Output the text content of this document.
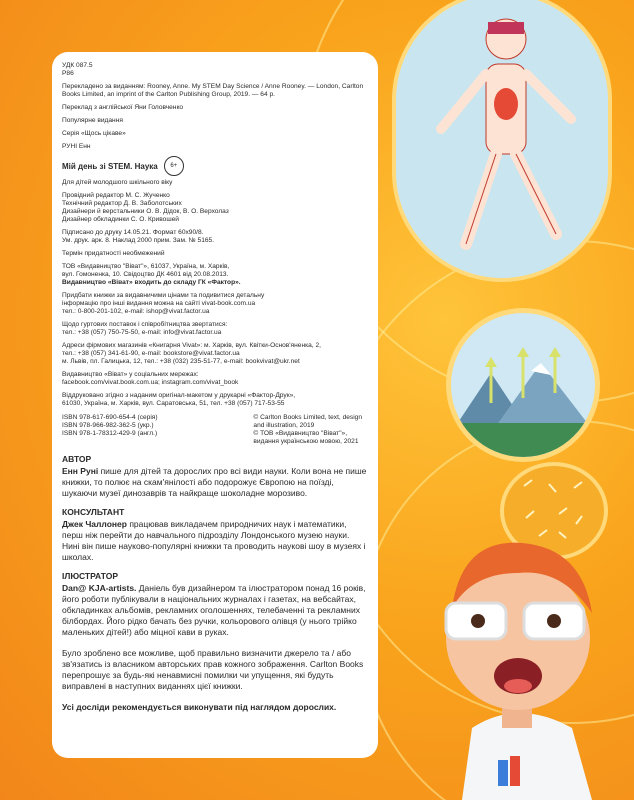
УДК 087.5

Р86

Перекладено за виданням: Rooney, Anne. My STEM Day Science / Anne Rooney. — London, Carlton Books Limited, an imprint of the Carlton Publishing Group, 2019. — 64 p.

Переклад з англійської Яни Головченко

Популярне видання

Серія «Щось цікаве»

РУНІ Енн

Мій день зі STEM. Наука	6+

Для дітей молодшого шкільного віку

Провідний редактор М. С. Жученко

Технічний редактор Д. В. Заболотських

Дизайнери й верстальники О. В. Дідок, В. О. Верхолаз

Дизайнер обкладинки С. О. Кривошей

Підписано до друку 14.05.21. Формат 60х90/8.

Ум. друк. арк. 8. Наклад 2000 прим. Зам. № 5165.

Термін придатності необмежений

ТОВ «Видавництво "Віват"», 61037, Україна, м. Харків,

вул. Гомоненка, 10. Свідоцтво ДК 4601 від 20.08.2013.

Видавництво «Віват» входить до складу ГК «Фактор».

Придбати книжки за видавничими цінами та подивитися детальну

інформацію про інші видання можна на сайті vivat-book.com.ua

тел.: 0-800-201-102, e-mail: ishop@vivat.factor.ua

Щодо гуртових поставок і співробітництва звертатися:

тел.: +38 (057) 750-75-50, e-mail: info@vivat.factor.ua

Адреси фірмових магазинів «Книгарня Vivat»: м. Харків, вул. Квітки-Основ'яненка, 2,

тел.: +38 (057) 341-61-90, e-mail: bookstore@vivat.factor.ua

м. Львів, пл. Галицька, 12, тел.: +38 (032) 235-51-77, e-mail: bookvivat@ukr.net

Видавництво «Віват» у соціальних мережах:

facebook.com/vivat.book.com.ua; instagram.com/vivat_book

Віддруковано згідно з наданим оригінал-макетом у друкарні «Фактор-Друк»,

61030, Україна, м. Харків, вул. Саратовська, 51, тел. +38 (057) 717-53-55

ISBN 978-617-690-654-4 (серія)

ISBN 978-966-982-362-5 (укр.)

ISBN 978-1-78312-429-9 (англ.)

© Carlton Books Limited, text, design

and illustration, 2019

© ТОВ «Видавництво "Віват"»,

видання українською мовою, 2021

АВТОР

Енн Руні пише для дітей та дорослих про всі види науки. Коли вона не пише книжки, то полює на скам'янілості або подорожує Європою на поїзді, шукаючи музеї динозаврів та найкраще шоколадне морозиво.

КОНСУЛЬТАНТ

Джек Чаллонер працював викладачем природничих наук і математики, перш ніж перейти до навчального підрозділу Лондонського музею науки. Нині він пише науково-популярні книжки та проводить наукові шоу в музеях і школах.

ІЛЮСТРАТОР

Dan@ KJA-artists. Даніель був дизайнером та ілюстратором понад 16 років, його роботи публікували в національних журналах і газетах, на вебсайтах, обкладинках альбомів, рекламних оголошеннях, телебаченні та рекламних білбордах. Його рідко бачать без ручки, кольорового олівця (у нього трійко маленьких дітей!) або міцної кави в руках.

Було зроблено все можливе, щоб правильно визначити джерело та / або зв'язатись із власником авторських прав кожного зображення. Carlton Books перепрошує за будь-які ненавмисні помилки чи упущення, які будуть виправлені в наступних виданнях цієї книжки.

Усі досліди рекомендується виконувати під наглядом дорослих.
